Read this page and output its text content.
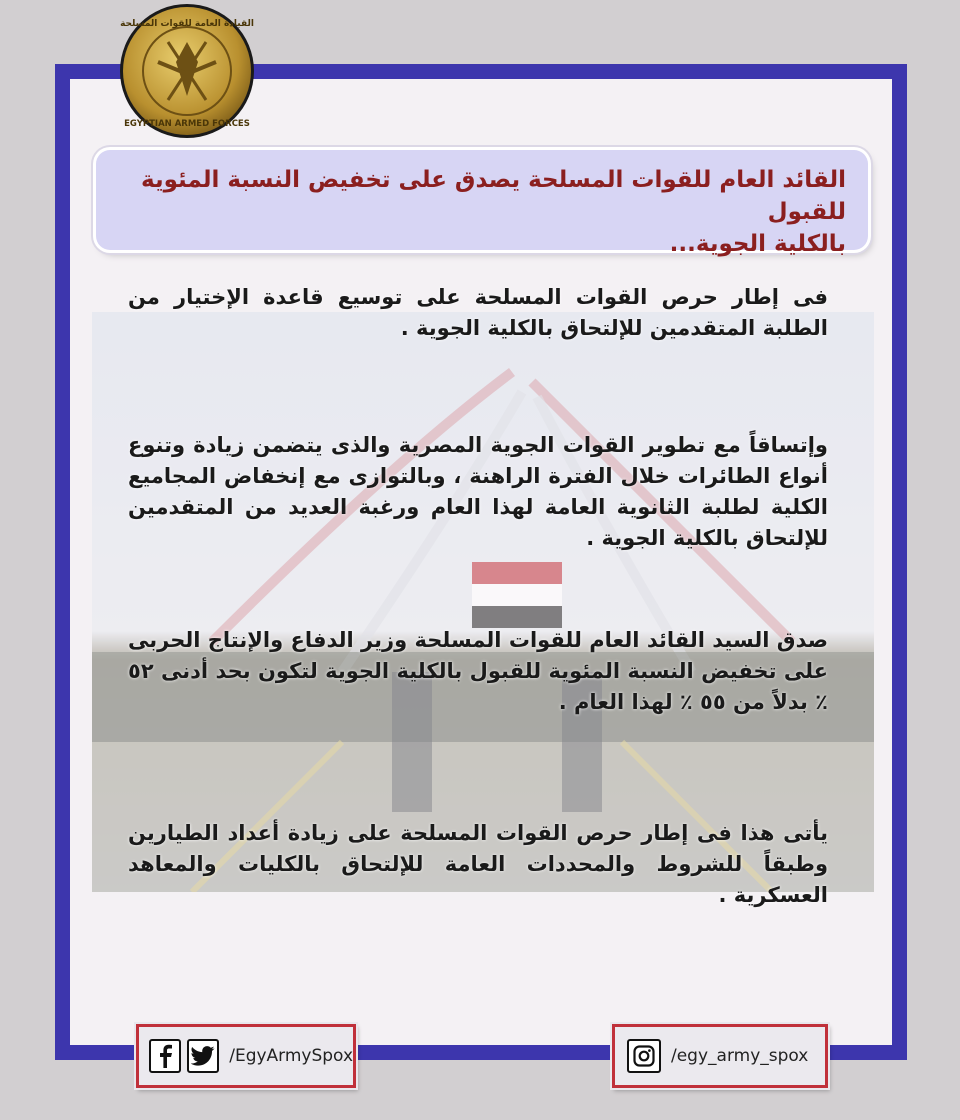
القيادة العامة للقوات المسلحة
EGYPTIAN ARMED FORCES
القائد العام للقوات المسلحة يصدق على تخفيض النسبة المئوية للقبول
بالكلية الجوية...
فى إطار حرص القوات المسلحة على توسيع قاعدة الإختيار من الطلبة المتقدمين للإلتحاق بالكلية الجوية .
وإتساقاً مع تطوير القوات الجوية المصرية والذى يتضمن زيادة وتنوع أنواع الطائرات خلال الفترة الراهنة ، وبالتوازى مع إنخفاض المجاميع الكلية لطلبة الثانوية العامة لهذا العام ورغبة العديد من المتقدمين للإلتحاق بالكلية الجوية .
صدق السيد القائد العام للقوات المسلحة وزير الدفاع والإنتاج الحربى على تخفيض النسبة المئوية للقبول بالكلية الجوية لتكون بحد أدنى ٥٢ ٪ بدلاً من ٥٥ ٪ لهذا العام .
يأتى هذا فى إطار حرص القوات المسلحة على زيادة أعداد الطيارين وطبقاً للشروط والمحددات العامة للإلتحاق بالكليات والمعاهد العسكرية .
/EgyArmySpox	/egy_army_spox
